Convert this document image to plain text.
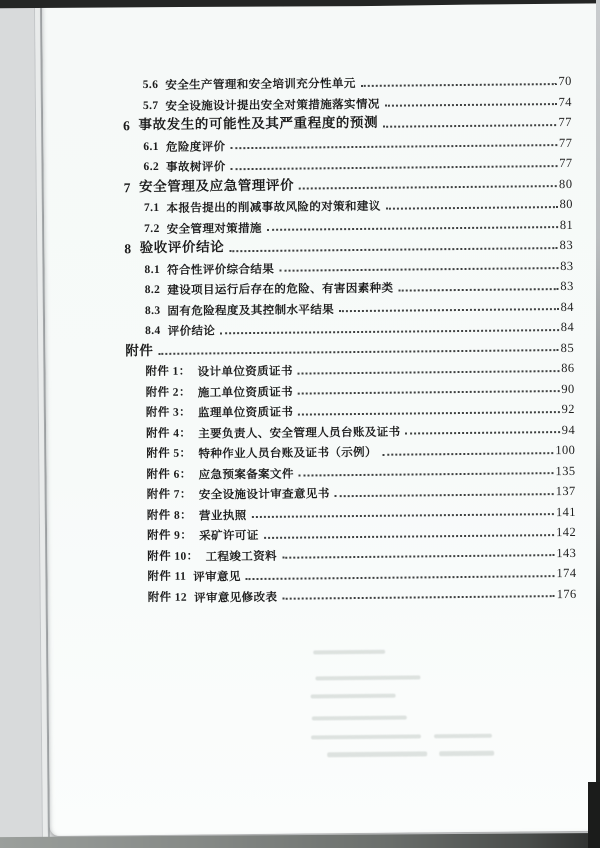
5.6 安全生产管理和安全培训充分性单元	70
5.7 安全设施设计提出安全对策措施落实情况	74
6 事故发生的可能性及其严重程度的预测	77
6.1 危险度评价	77
6.2 事故树评价	77
7 安全管理及应急管理评价	80
7.1 本报告提出的削减事故风险的对策和建议	80
7.2 安全管理对策措施	81
8 验收评价结论	83
8.1 符合性评价综合结果	83
8.2 建设项目运行后存在的危险、有害因素种类	83
8.3 固有危险程度及其控制水平结果	84
8.4 评价结论	84
附件	85
附件 1： 设计单位资质证书	86
附件 2： 施工单位资质证书	90
附件 3： 监理单位资质证书	92
附件 4： 主要负责人、安全管理人员台账及证书	94
附件 5： 特种作业人员台账及证书（示例）	100
附件 6： 应急预案备案文件	135
附件 7： 安全设施设计审查意见书	137
附件 8： 营业执照	141
附件 9： 采矿许可证	142
附件 10： 工程竣工资料	143
附件 11 评审意见	174
附件 12 评审意见修改表	176
